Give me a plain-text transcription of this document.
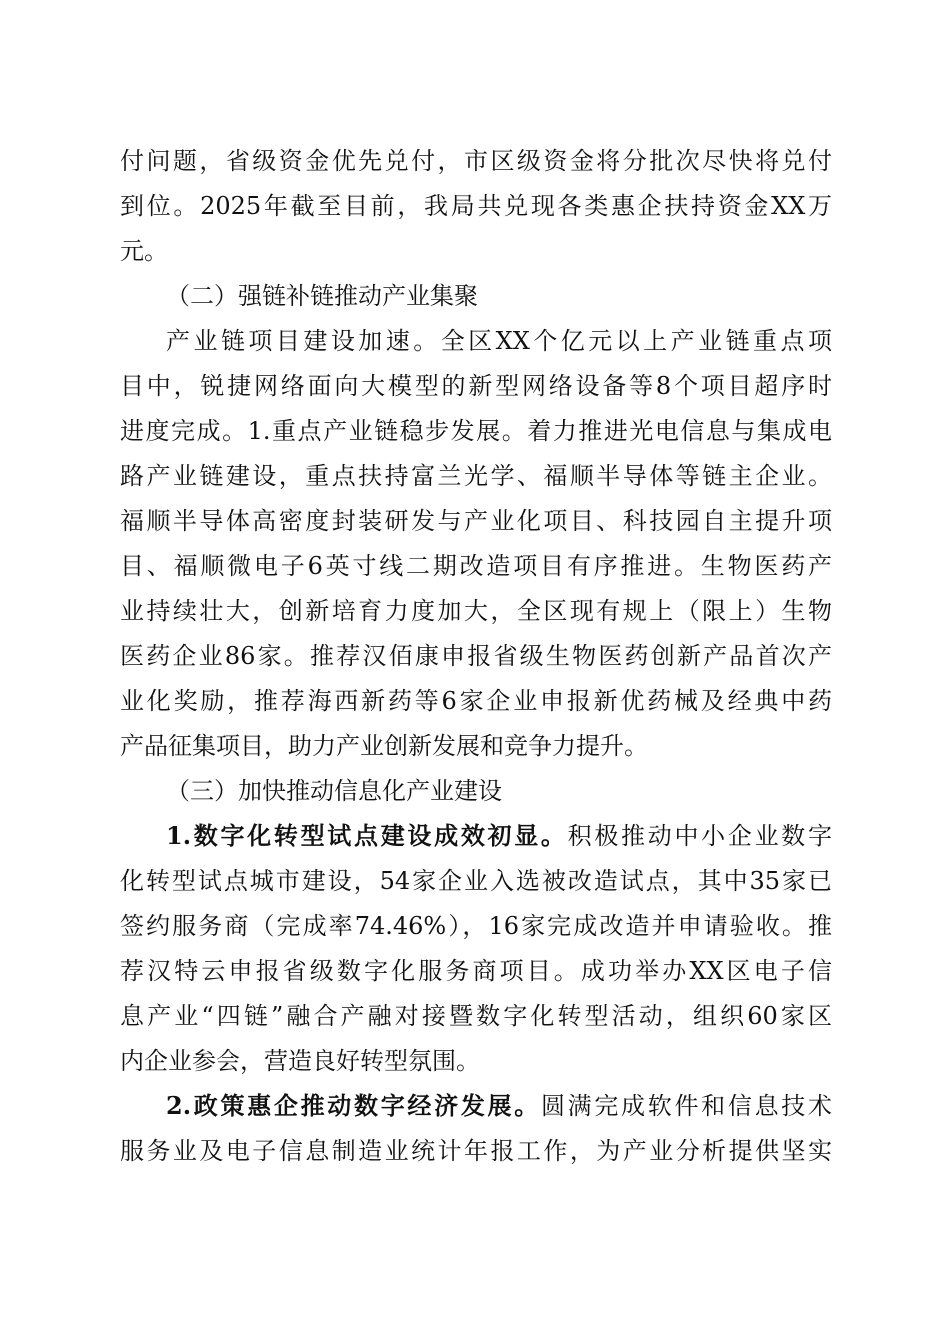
付问题，省级资金优先兑付，市区级资金将分批次尽快将兑付
到位。2025年截至目前，我局共兑现各类惠企扶持资金XX万
元。
（二）强链补链推动产业集聚
产业链项目建设加速。全区XX个亿元以上产业链重点项
目中，锐捷网络面向大模型的新型网络设备等8个项目超序时
进度完成。1.重点产业链稳步发展。着力推进光电信息与集成电
路产业链建设，重点扶持富兰光学、福顺半导体等链主企业。
福顺半导体高密度封装研发与产业化项目、科技园自主提升项
目、福顺微电子6英寸线二期改造项目有序推进。生物医药产
业持续壮大，创新培育力度加大，全区现有规上（限上）生物
医药企业86家。推荐汉佰康申报省级生物医药创新产品首次产
业化奖励，推荐海西新药等6家企业申报新优药械及经典中药
产品征集项目，助力产业创新发展和竞争力提升。
（三）加快推动信息化产业建设
1.数字化转型试点建设成效初显。积极推动中小企业数字
化转型试点城市建设，54家企业入选被改造试点，其中35家已
签约服务商（完成率74.46%），16家完成改造并申请验收。推
荐汉特云申报省级数字化服务商项目。成功举办XX区电子信
息产业“四链”融合产融对接暨数字化转型活动，组织60家区
内企业参会，营造良好转型氛围。
2.政策惠企推动数字经济发展。圆满完成软件和信息技术
服务业及电子信息制造业统计年报工作，为产业分析提供坚实
